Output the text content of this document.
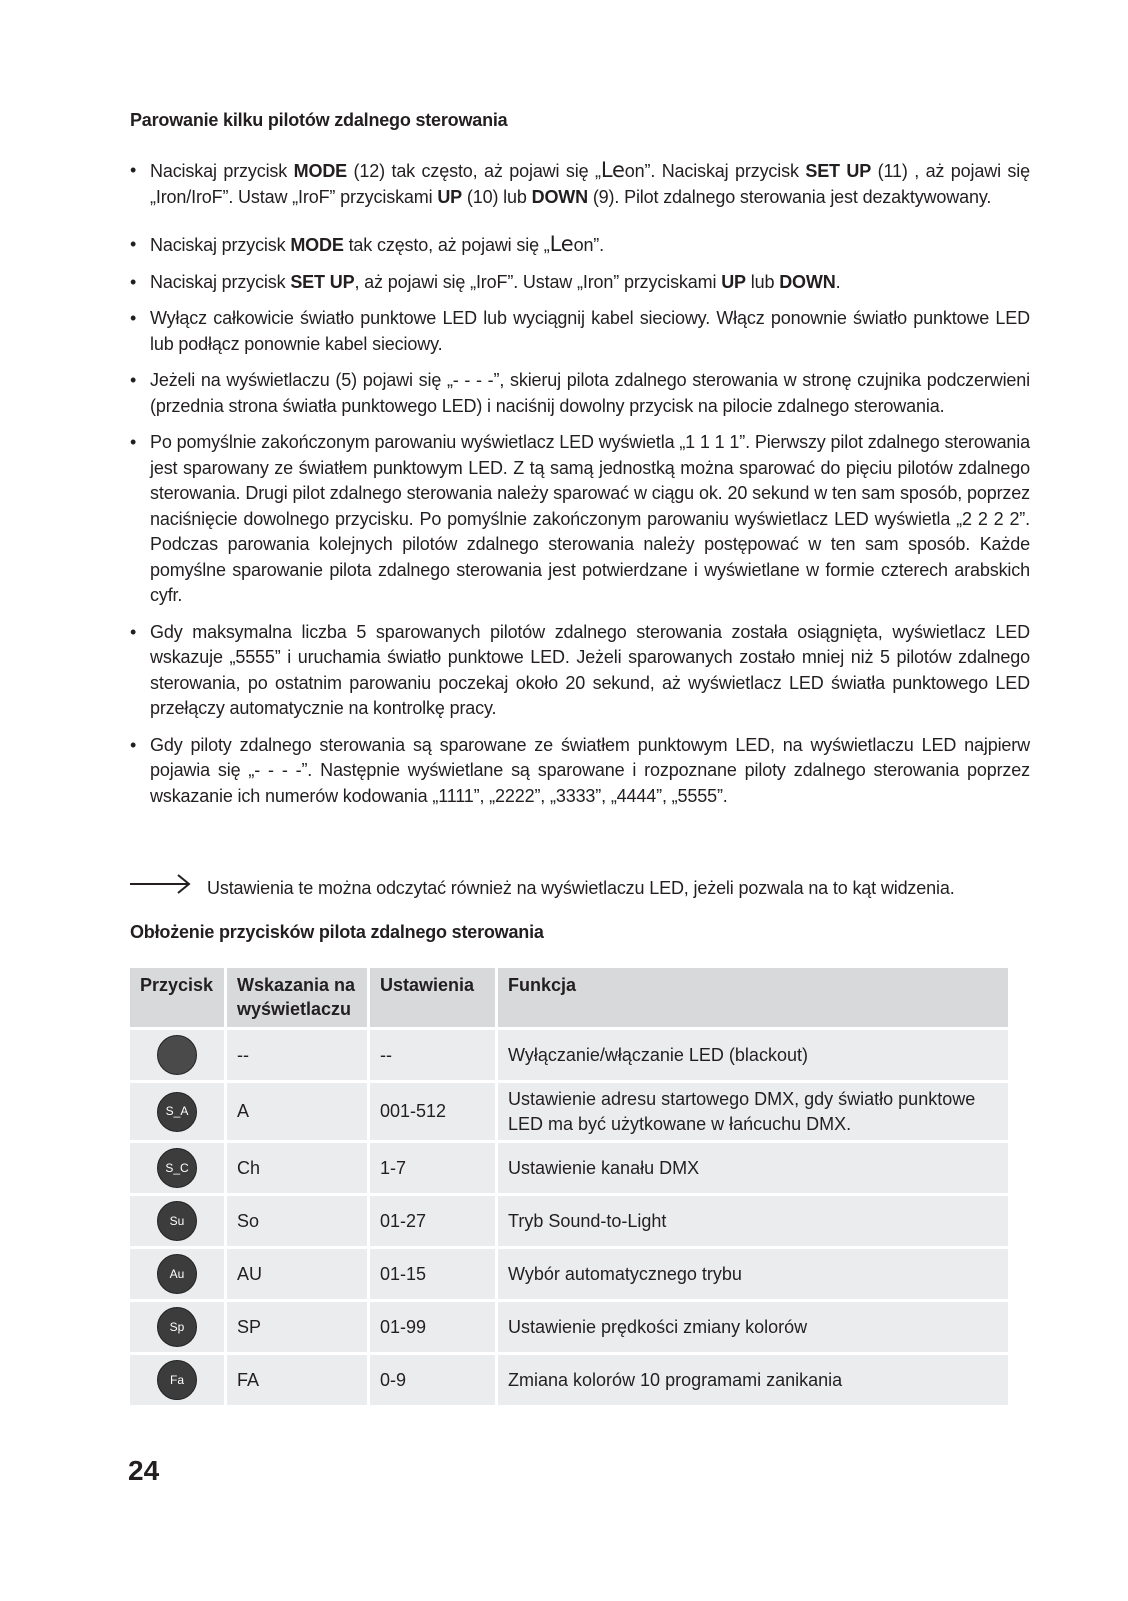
Parowanie kilku pilotów zdalnego sterowania
• Naciskaj przycisk MODE (12) tak często, aż pojawi się „Leon”. Naciskaj przycisk SET UP (11) , aż pojawi się „Iron/IroF”. Ustaw „IroF” przyciskami UP (10) lub DOWN (9). Pilot zdalnego sterowania jest dezaktywowany.
• Naciskaj przycisk MODE tak często, aż pojawi się „Leon”.
• Naciskaj przycisk SET UP, aż pojawi się „IroF”. Ustaw „Iron” przyciskami UP lub DOWN.
• Wyłącz całkowicie światło punktowe LED lub wyciągnij kabel sieciowy. Włącz ponownie światło punktowe LED lub podłącz ponownie kabel sieciowy.
• Jeżeli na wyświetlaczu (5) pojawi się „- - - -”, skieruj pilota zdalnego sterowania w stronę czujnika podczerwieni (przednia strona światła punktowego LED) i naciśnij dowolny przycisk na pilocie zdalnego sterowania.
• Po pomyślnie zakończonym parowaniu wyświetlacz LED wyświetla „1 1 1 1”. Pierwszy pilot zdalnego sterowania jest sparowany ze światłem punktowym LED. Z tą samą jednostką można sparować do pięciu pilotów zdalnego sterowania. Drugi pilot zdalnego sterowania należy sparować w ciągu ok. 20 sekund w ten sam sposób, poprzez naciśnięcie dowolnego przycisku. Po pomyślnie zakończonym parowaniu wyświetlacz LED wyświetla „2 2 2 2”. Podczas parowania kolejnych pilotów zdalnego sterowania należy postępować w ten sam sposób. Każde pomyślne sparowanie pilota zdalnego sterowania jest potwierdzane i wyświetlane w formie czterech arabskich cyfr.
• Gdy maksymalna liczba 5 sparowanych pilotów zdalnego sterowania została osiągnięta, wyświetlacz LED wskazuje „5555” i uruchamia światło punktowe LED. Jeżeli sparowanych zostało mniej niż 5 pilotów zdalnego sterowania, po ostatnim parowaniu poczekaj około 20 sekund, aż wyświetlacz LED światła punktowego LED przełączy automatycznie na kontrolkę pracy.
• Gdy piloty zdalnego sterowania są sparowane ze światłem punktowym LED, na wyświetlaczu LED najpierw pojawia się „- - - -”. Następnie wyświetlane są sparowane i rozpoznane piloty zdalnego sterowania poprzez wskazanie ich numerów kodowania „1111”, „2222”, „3333”, „4444”, „5555”.
Ustawienia te można odczytać również na wyświetlaczu LED, jeżeli pozwala na to kąt widzenia.
Obłożenie przycisków pilota zdalnego sterowania
Przycisk	Wskazania na wyświetlaczu	Ustawienia	Funkcja
	--	--	Wyłączanie/włączanie LED (blackout)
S_A	A	001-512	Ustawienie adresu startowego DMX, gdy światło punktowe LED ma być użytkowane w łańcuchu DMX.
S_C	Ch	1-7	Ustawienie kanału DMX
Su	So	01-27	Tryb Sound-to-Light
Au	AU	01-15	Wybór automatycznego trybu
Sp	SP	01-99	Ustawienie prędkości zmiany kolorów
Fa	FA	0-9	Zmiana kolorów 10 programami zanikania
24
